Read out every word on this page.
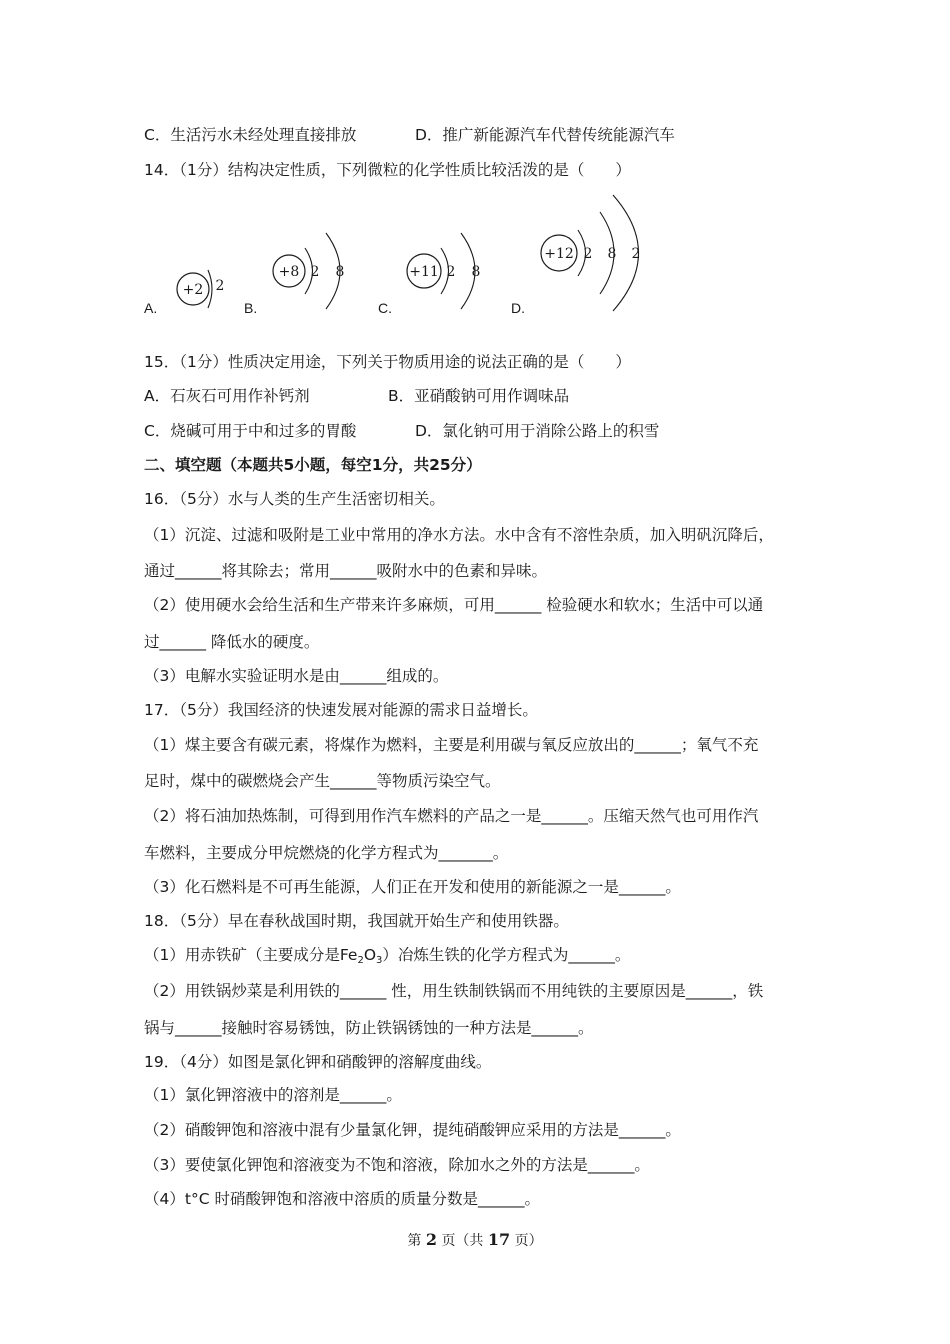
C．生活污水未经处理直接排放	D．推广新能源汽车代替传统能源汽车
14．（1分）结构决定性质，下列微粒的化学性质比较活泼的是（　　）
+2 2
+8 2 8	+11 2 8
+12 2 8 2
A.	B.	C.	D.
15．（1分）性质决定用途，下列关于物质用途的说法正确的是（　　）
A．石灰石可用作补钙剂	B．亚硝酸钠可用作调味品
C．烧碱可用于中和过多的胃酸	D．氯化钠可用于消除公路上的积雪
二、填空题（本题共5小题，每空1分，共25分）
16．（5分）水与人类的生产生活密切相关。
（1）沉淀、过滤和吸附是工业中常用的净水方法。水中含有不溶性杂质，加入明矾沉降后，
通过______将其除去；常用______吸附水中的色素和异味。
（2）使用硬水会给生活和生产带来许多麻烦，可用______ 检验硬水和软水；生活中可以通
过______ 降低水的硬度。
（3）电解水实验证明水是由______组成的。
17．（5分）我国经济的快速发展对能源的需求日益增长。
（1）煤主要含有碳元素，将煤作为燃料，主要是利用碳与氧反应放出的______；氧气不充
足时，煤中的碳燃烧会产生______等物质污染空气。
（2）将石油加热炼制，可得到用作汽车燃料的产品之一是______。压缩天然气也可用作汽
车燃料，主要成分甲烷燃烧的化学方程式为_______。
（3）化石燃料是不可再生能源，人们正在开发和使用的新能源之一是______。
18．（5分）早在春秋战国时期，我国就开始生产和使用铁器。
（1）用赤铁矿（主要成分是$Fe_2O_3$）冶炼生铁的化学方程式为______。
（2）用铁锅炒菜是利用铁的______ 性，用生铁制铁锅而不用纯铁的主要原因是______，铁
锅与______接触时容易锈蚀，防止铁锅锈蚀的一种方法是______。
19．（4分）如图是氯化钾和硝酸钾的溶解度曲线。
（1）氯化钾溶液中的溶剂是______。
（2）硝酸钾饱和溶液中混有少量氯化钾，提纯硝酸钾应采用的方法是______。
（3）要使氯化钾饱和溶液变为不饱和溶液，除加水之外的方法是______。
（4）t°C 时硝酸钾饱和溶液中溶质的质量分数是______。
第 2 页（共 17 页）
